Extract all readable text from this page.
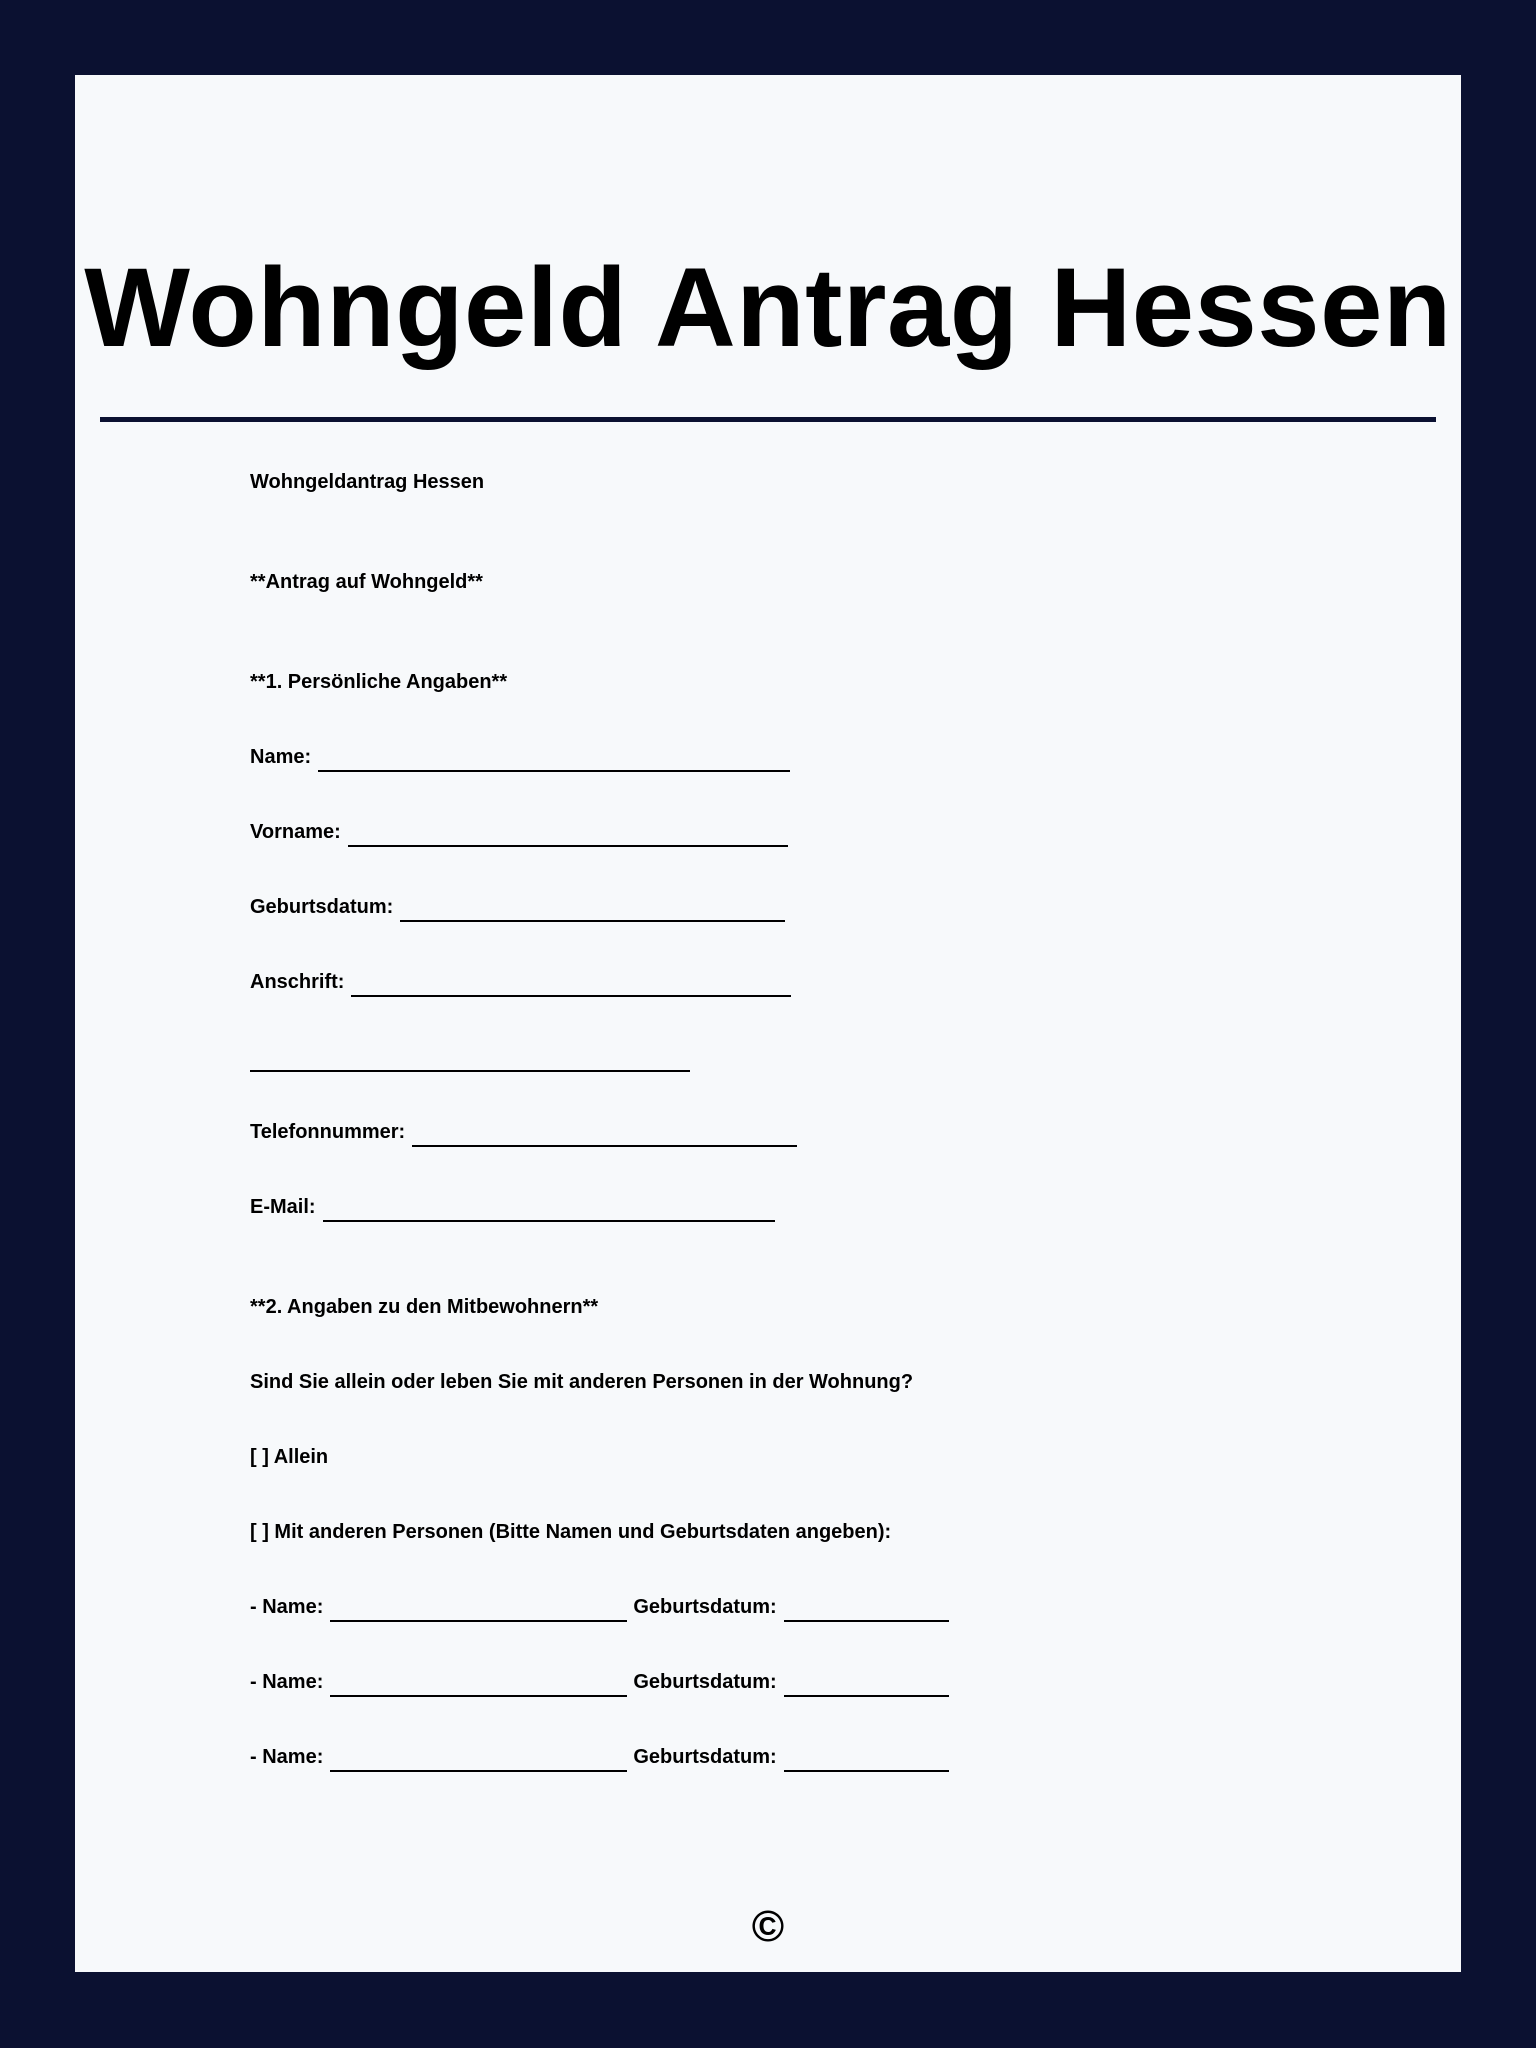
Wohngeld Antrag Hessen
Wohngeldantrag Hessen
**Antrag auf Wohngeld**
**1. Persönliche Angaben**
Name:
Vorname:
Geburtsdatum:
Anschrift:
Telefonnummer:
E-Mail:
**2. Angaben zu den Mitbewohnern**
Sind Sie allein oder leben Sie mit anderen Personen in der Wohnung?
[ ] Allein
[ ] Mit anderen Personen (Bitte Namen und Geburtsdaten angeben):
- Name:	Geburtsdatum:
- Name:	Geburtsdatum:
- Name:	Geburtsdatum:
©
